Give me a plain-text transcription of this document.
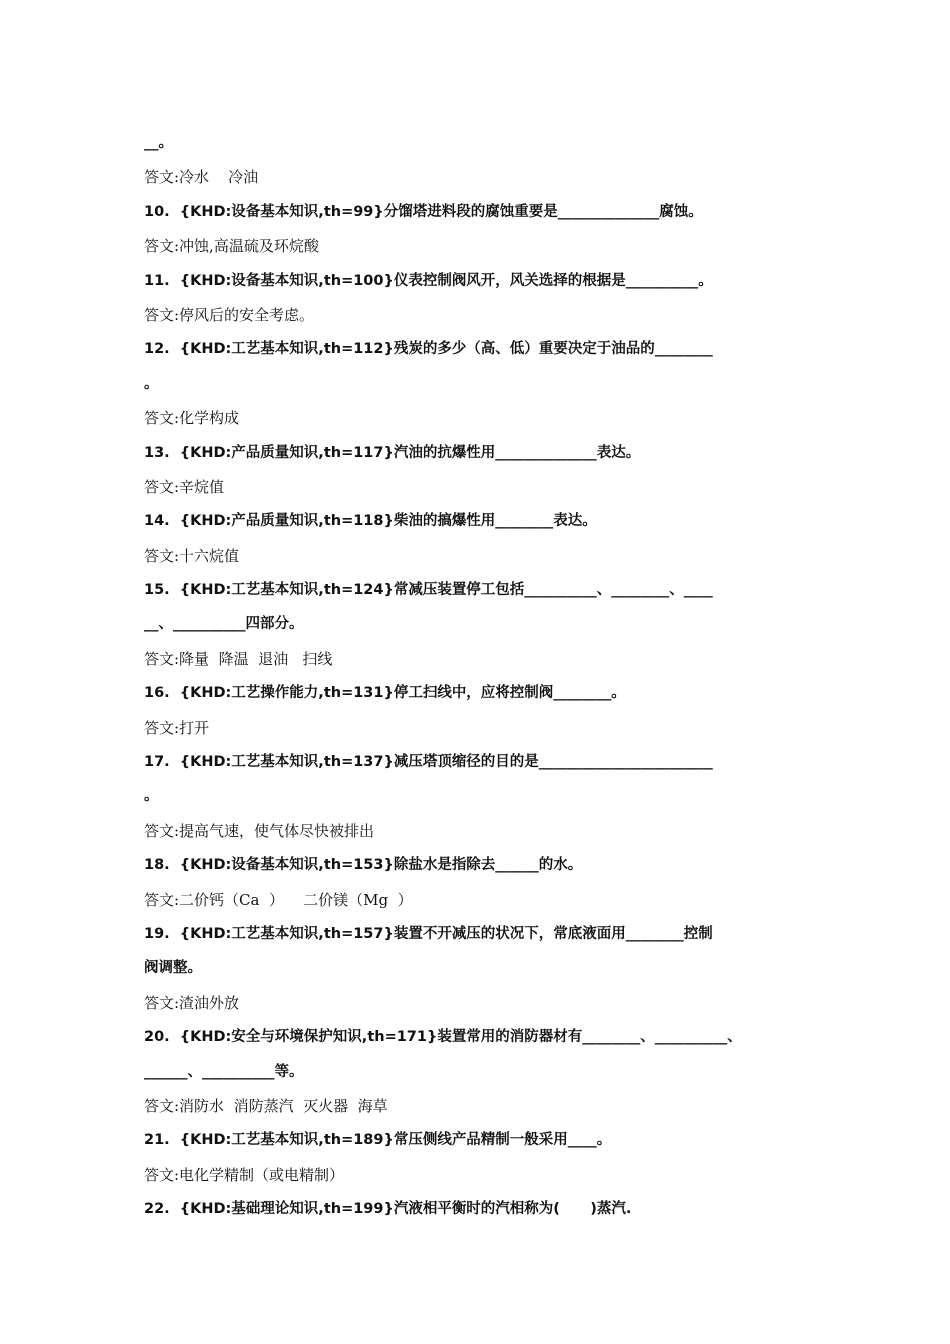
__。
答文:冷水    冷油
10.  {KHD:设备基本知识,th=99}分馏塔进料段的腐蚀重要是______________腐蚀。
答文:冲蚀,高温硫及环烷酸
11.  {KHD:设备基本知识,th=100}仪表控制阀风开，风关选择的根据是__________。
答文:停风后的安全考虑。
12.  {KHD:工艺基本知识,th=112}残炭的多少（高、低）重要决定于油品的________
。
答文:化学构成
13.  {KHD:产品质量知识,th=117}汽油的抗爆性用______________表达。
答文:辛烷值
14.  {KHD:产品质量知识,th=118}柴油的搞爆性用________表达。
答文:十六烷值
15.  {KHD:工艺基本知识,th=124}常减压装置停工包括__________、________、____
__、__________四部分。
答文:降量  降温  退油   扫线
16.  {KHD:工艺操作能力,th=131}停工扫线中，应将控制阀________。
答文:打开
17.  {KHD:工艺基本知识,th=137}减压塔顶缩径的目的是________________________
。
答文:提高气速，使气体尽快被排出
18.  {KHD:设备基本知识,th=153}除盐水是指除去______的水。
答文:二价钙（Ca  ）    二价镁（Mg  ）
19.  {KHD:工艺基本知识,th=157}装置不开减压的状况下，常底液面用________控制
阀调整。
答文:渣油外放
20.  {KHD:安全与环境保护知识,th=171}装置常用的消防器材有________、__________、
______、__________等。
答文:消防水  消防蒸汽  灭火器  海草
21.  {KHD:工艺基本知识,th=189}常压侧线产品精制一般采用____。
答文:电化学精制（或电精制）
22.  {KHD:基础理论知识,th=199}汽液相平衡时的汽相称为(      )蒸汽.
